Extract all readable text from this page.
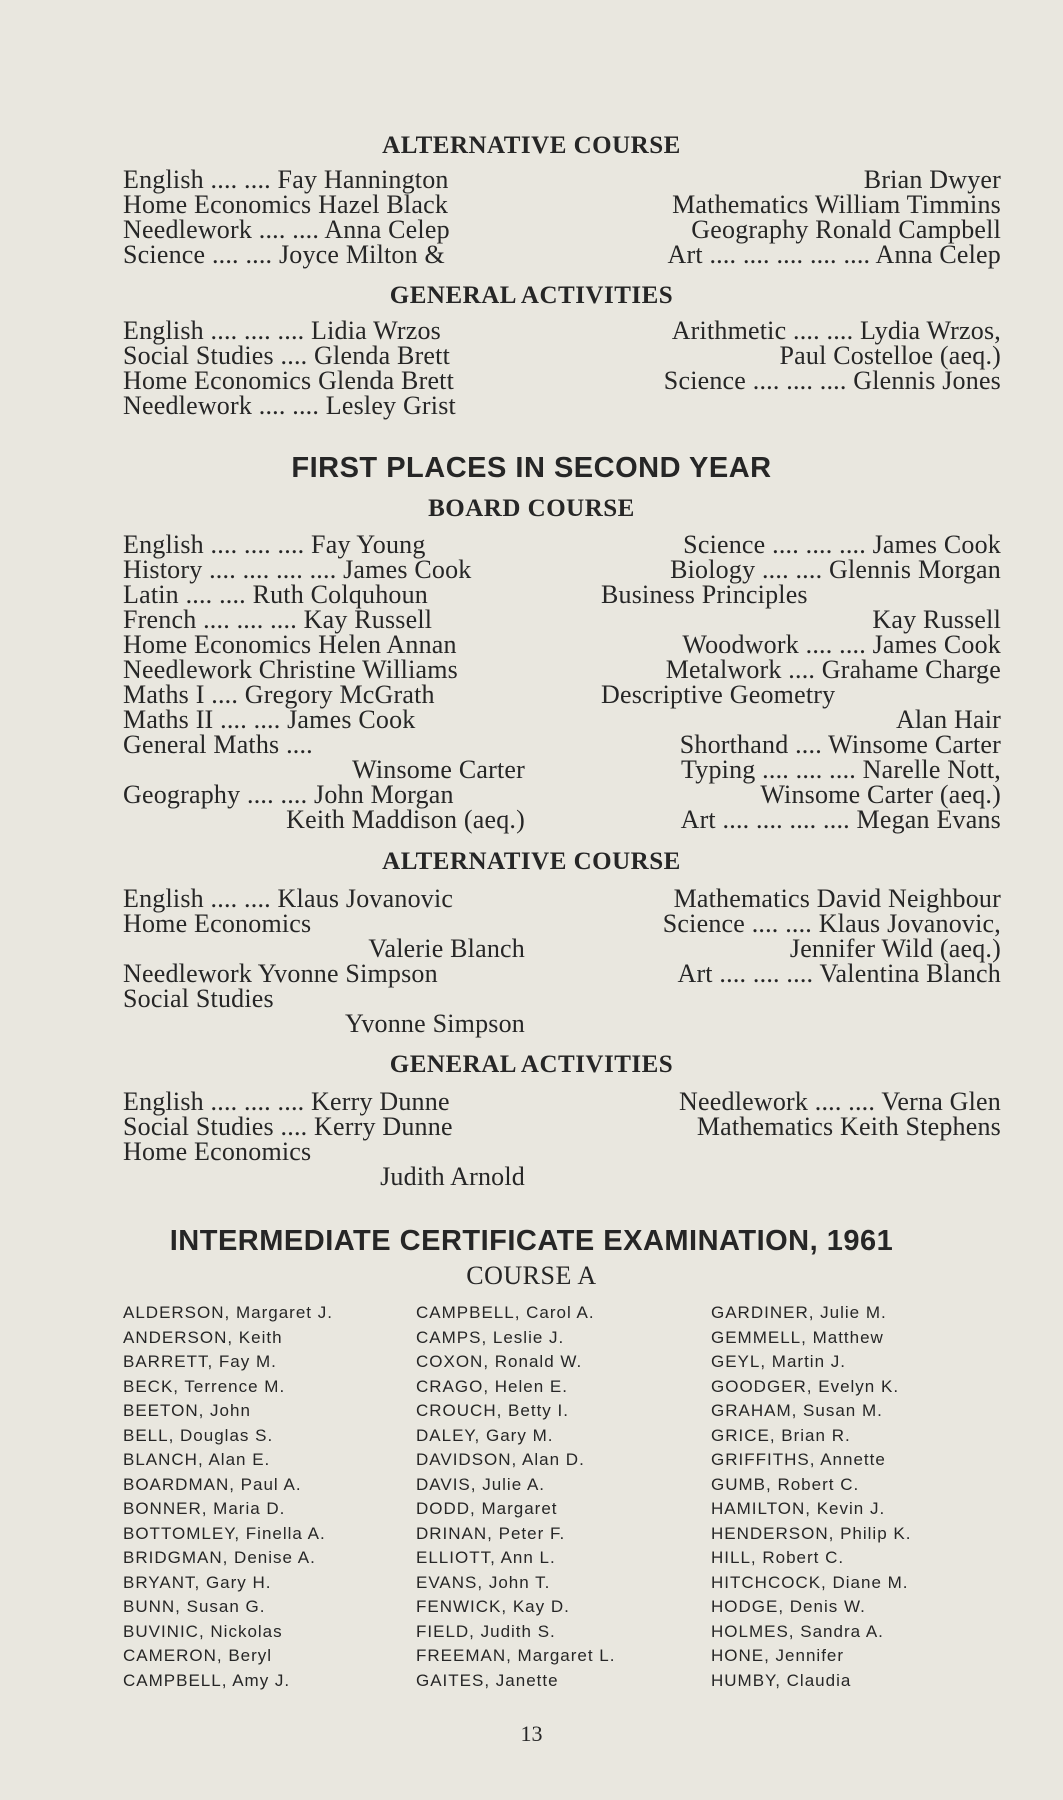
ALTERNATIVE COURSE
English .... .... Fay Hannington
Home Economics Hazel Black
Needlework .... .... Anna Celep
Science .... .... Joyce Milton &
Brian Dwyer
Mathematics William Timmins
Geography Ronald Campbell
Art .... .... .... .... .... Anna Celep
GENERAL ACTIVITIES
English .... .... .... Lidia Wrzos
Social Studies .... Glenda Brett
Home Economics Glenda Brett
Needlework .... .... Lesley Grist
Arithmetic .... .... Lydia Wrzos,
Paul Costelloe (aeq.)
Science .... .... .... Glennis Jones
FIRST PLACES IN SECOND YEAR
BOARD COURSE
English .... .... .... Fay Young
History .... .... .... .... James Cook
Latin .... .... Ruth Colquhoun
French .... .... .... Kay Russell
Home Economics Helen Annan
Needlework Christine Williams
Maths I .... Gregory McGrath
Maths II .... .... James Cook
General Maths ....
Winsome Carter
Geography .... .... John Morgan
Keith Maddison (aeq.)
Science .... .... .... James Cook
Biology .... .... Glennis Morgan
Business Principles
Kay Russell
Woodwork .... .... James Cook
Metalwork .... Grahame Charge
Descriptive Geometry
Alan Hair
Shorthand .... Winsome Carter
Typing .... .... .... Narelle Nott,
Winsome Carter (aeq.)
Art .... .... .... .... Megan Evans
ALTERNATIVE COURSE
English .... .... Klaus Jovanovic
Home Economics
Valerie Blanch
Needlework Yvonne Simpson
Social Studies
Yvonne Simpson
Mathematics David Neighbour
Science .... .... Klaus Jovanovic,
Jennifer Wild (aeq.)
Art .... .... .... Valentina Blanch
GENERAL ACTIVITIES
English .... .... .... Kerry Dunne
Social Studies .... Kerry Dunne
Home Economics
Judith Arnold
Needlework .... .... Verna Glen
Mathematics Keith Stephens
INTERMEDIATE CERTIFICATE EXAMINATION, 1961
COURSE A
ALDERSON, Margaret J.
ANDERSON, Keith
BARRETT, Fay M.
BECK, Terrence M.
BEETON, John
BELL, Douglas S.
BLANCH, Alan E.
BOARDMAN, Paul A.
BONNER, Maria D.
BOTTOMLEY, Finella A.
BRIDGMAN, Denise A.
BRYANT, Gary H.
BUNN, Susan G.
BUVINIC, Nickolas
CAMERON, Beryl
CAMPBELL, Amy J.
CAMPBELL, Carol A.
CAMPS, Leslie J.
COXON, Ronald W.
CRAGO, Helen E.
CROUCH, Betty I.
DALEY, Gary M.
DAVIDSON, Alan D.
DAVIS, Julie A.
DODD, Margaret
DRINAN, Peter F.
ELLIOTT, Ann L.
EVANS, John T.
FENWICK, Kay D.
FIELD, Judith S.
FREEMAN, Margaret L.
GAITES, Janette
GARDINER, Julie M.
GEMMELL, Matthew
GEYL, Martin J.
GOODGER, Evelyn K.
GRAHAM, Susan M.
GRICE, Brian R.
GRIFFITHS, Annette
GUMB, Robert C.
HAMILTON, Kevin J.
HENDERSON, Philip K.
HILL, Robert C.
HITCHCOCK, Diane M.
HODGE, Denis W.
HOLMES, Sandra A.
HONE, Jennifer
HUMBY, Claudia
13
